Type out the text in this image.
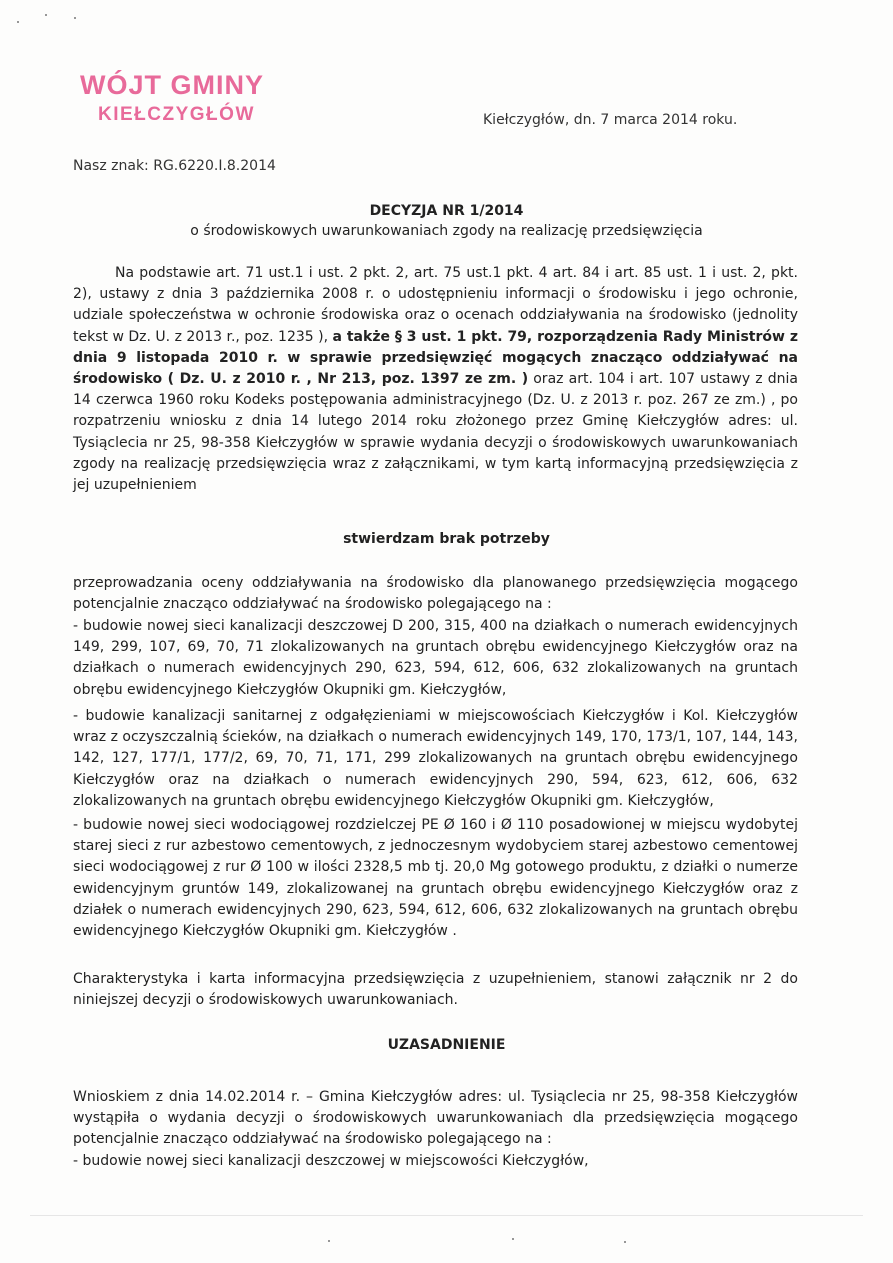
WÓJT GMINY
KIEŁCZYGŁÓW	Kiełczygłów, dn. 7 marca 2014 roku.
Nasz znak: RG.6220.I.8.2014
DECYZJA NR 1/2014
o środowiskowych uwarunkowaniach zgody na realizację przedsięwzięcia
Na podstawie art. 71 ust.1 i ust. 2 pkt. 2, art. 75 ust.1 pkt. 4 art. 84 i art. 85 ust. 1 i ust. 2, pkt. 2), ustawy z dnia 3 października 2008 r. o udostępnieniu informacji o środowisku i jego ochronie, udziale społeczeństwa w ochronie środowiska oraz o ocenach oddziaływania na środowisko (jednolity tekst w Dz. U. z 2013 r., poz. 1235 ), a także § 3 ust. 1 pkt. 79, rozporządzenia Rady Ministrów z dnia 9 listopada 2010 r. w sprawie przedsięwzięć mogących znacząco oddziaływać na środowisko ( Dz. U. z 2010 r. , Nr 213, poz. 1397 ze zm. ) oraz art. 104 i art. 107 ustawy z dnia 14 czerwca 1960 roku Kodeks postępowania administracyjnego (Dz. U. z 2013 r. poz. 267 ze zm.) , po rozpatrzeniu wniosku z dnia 14 lutego 2014 roku złożonego przez Gminę Kiełczygłów adres: ul. Tysiąclecia nr 25, 98-358 Kiełczygłów w sprawie wydania decyzji o środowiskowych uwarunkowaniach zgody na realizację przedsięwzięcia wraz z załącznikami, w tym kartą informacyjną przedsięwzięcia z jej uzupełnieniem
stwierdzam brak potrzeby
przeprowadzania oceny oddziaływania na środowisko dla planowanego przedsięwzięcia mogącego potencjalnie znacząco oddziaływać na środowisko polegającego na :
- budowie nowej sieci kanalizacji deszczowej D 200, 315, 400 na działkach o numerach ewidencyjnych 149, 299, 107, 69, 70, 71 zlokalizowanych na gruntach obrębu ewidencyjnego Kiełczygłów oraz na działkach o numerach ewidencyjnych 290, 623, 594, 612, 606, 632 zlokalizowanych na gruntach obrębu ewidencyjnego Kiełczygłów Okupniki gm. Kiełczygłów,
- budowie kanalizacji sanitarnej z odgałęzieniami w miejscowościach Kiełczygłów i Kol. Kiełczygłów wraz z oczyszczalnią ścieków, na działkach o numerach ewidencyjnych 149, 170, 173/1, 107, 144, 143, 142, 127, 177/1, 177/2, 69, 70, 71, 171, 299 zlokalizowanych na gruntach obrębu ewidencyjnego Kiełczygłów oraz na działkach o numerach ewidencyjnych 290, 594, 623, 612, 606, 632 zlokalizowanych na gruntach obrębu ewidencyjnego Kiełczygłów Okupniki gm. Kiełczygłów,
- budowie nowej sieci wodociągowej rozdzielczej PE Ø 160 i Ø 110 posadowionej w miejscu wydobytej starej sieci z rur azbestowo cementowych, z jednoczesnym wydobyciem starej azbestowo cementowej sieci wodociągowej z rur Ø 100 w ilości 2328,5 mb tj. 20,0 Mg gotowego produktu, z działki o numerze ewidencyjnym gruntów 149, zlokalizowanej na gruntach obrębu ewidencyjnego Kiełczygłów oraz z działek o numerach ewidencyjnych 290, 623, 594, 612, 606, 632 zlokalizowanych na gruntach obrębu ewidencyjnego Kiełczygłów Okupniki gm. Kiełczygłów .
Charakterystyka i karta informacyjna przedsięwzięcia z uzupełnieniem, stanowi załącznik nr 2 do niniejszej decyzji o środowiskowych uwarunkowaniach.
UZASADNIENIE
Wnioskiem z dnia 14.02.2014 r. – Gmina Kiełczygłów adres: ul. Tysiąclecia nr 25, 98-358 Kiełczygłów wystąpiła o wydania decyzji o środowiskowych uwarunkowaniach dla przedsięwzięcia mogącego potencjalnie znacząco oddziaływać na środowisko polegającego na :
- budowie nowej sieci kanalizacji deszczowej w miejscowości Kiełczygłów,
